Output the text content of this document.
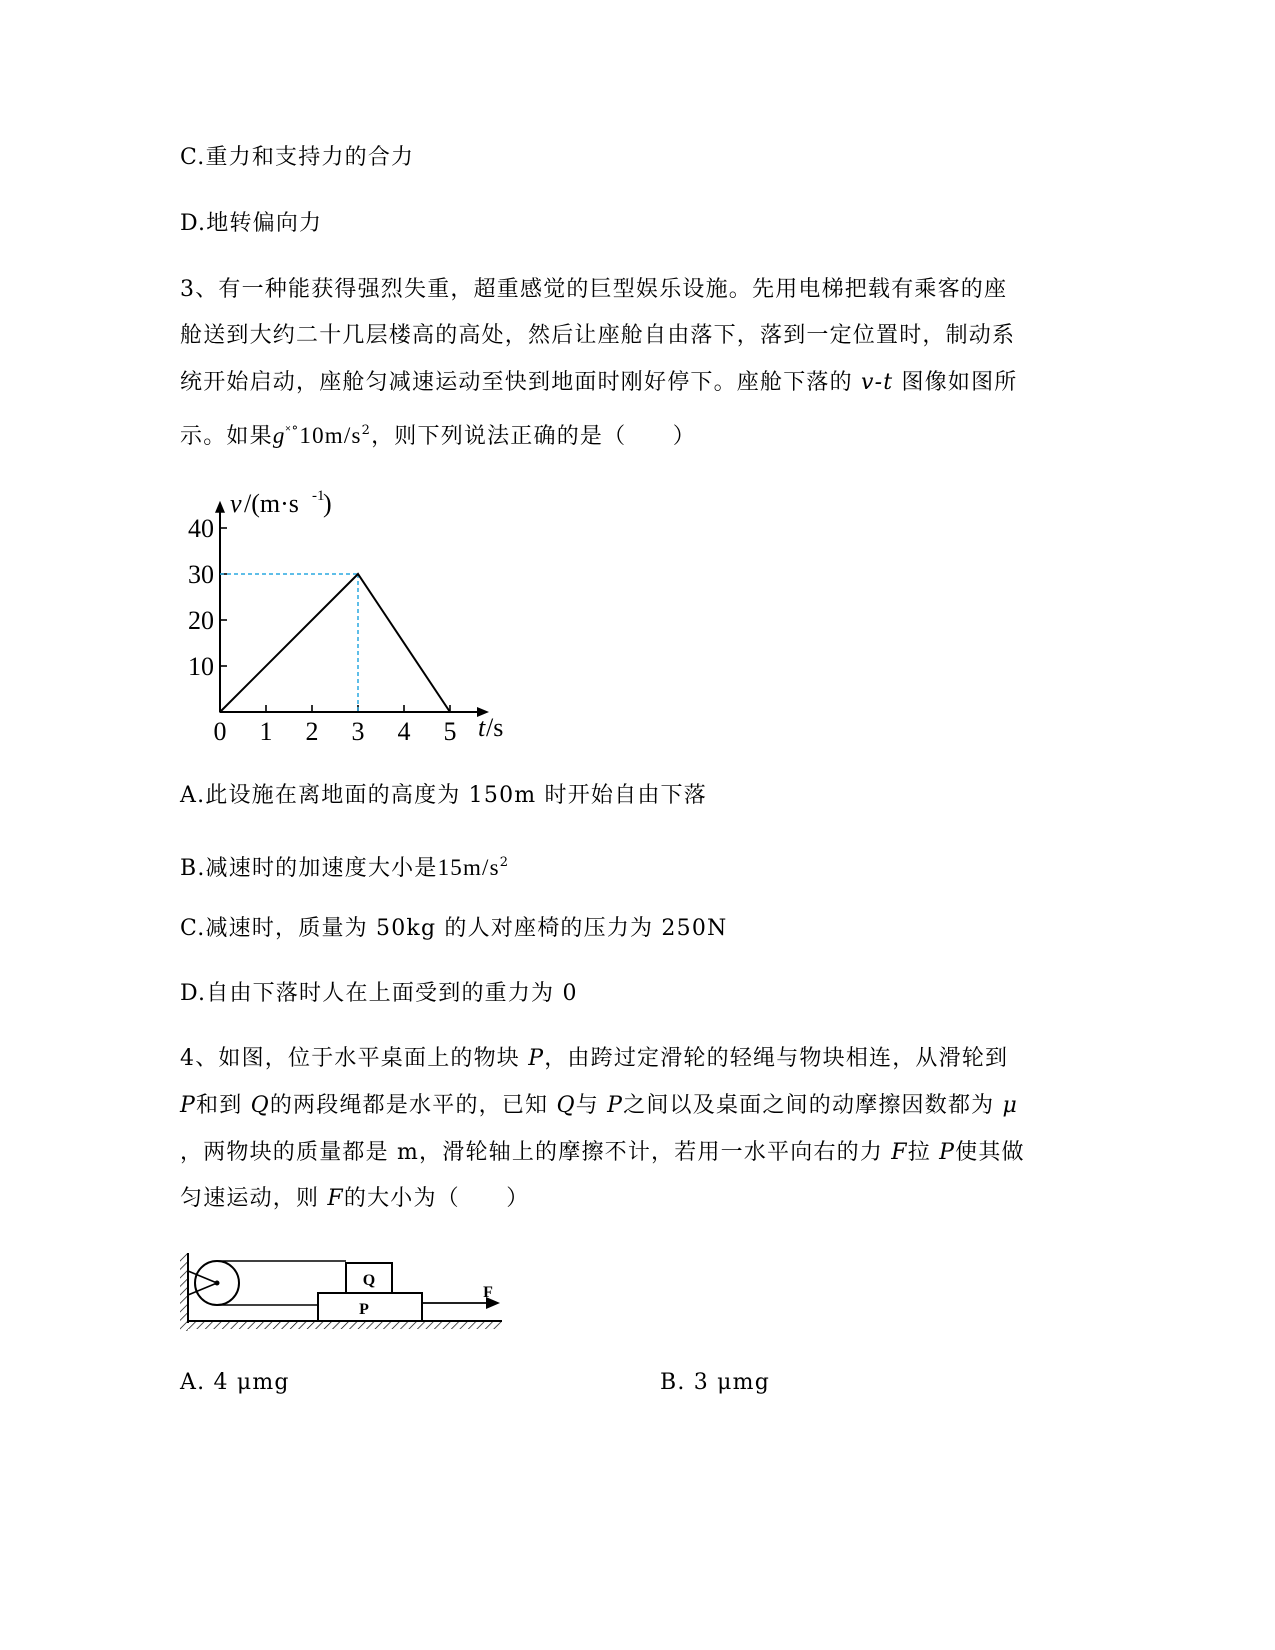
C.重力和支持力的合力
D.地转偏向力
3、有一种能获得强烈失重，超重感觉的巨型娱乐设施。先用电梯把载有乘客的座
舱送到大约二十几层楼高的高处，然后让座舱自由落下，落到一定位置时，制动系
统开始启动，座舱匀减速运动至快到地面时刚好停下。座舱下落的 v-t 图像如图所
示。如果$g^{˟^\circ}10m/s^2$，则下列说法正确的是（　　）
0 1 2 3 4 5
10
20
30
40
v /(m·s -1
)
t /s
A.此设施在离地面的高度为 150m 时开始自由下落
B.减速时的加速度大小是$15m/s^2$
C.减速时，质量为 50kg 的人对座椅的压力为 250N
D.自由下落时人在上面受到的重力为 0
4、如图，位于水平桌面上的物块 P，由跨过定滑轮的轻绳与物块相连，从滑轮到
P和到 Q的两段绳都是水平的，已知 Q与 P之间以及桌面之间的动摩擦因数都为 μ
，两物块的质量都是 m，滑轮轴上的摩擦不计，若用一水平向右的力 F拉 P使其做
匀速运动，则 F的大小为（　　）
Q
P
F
A. 4 μmg	B. 3 μmg
